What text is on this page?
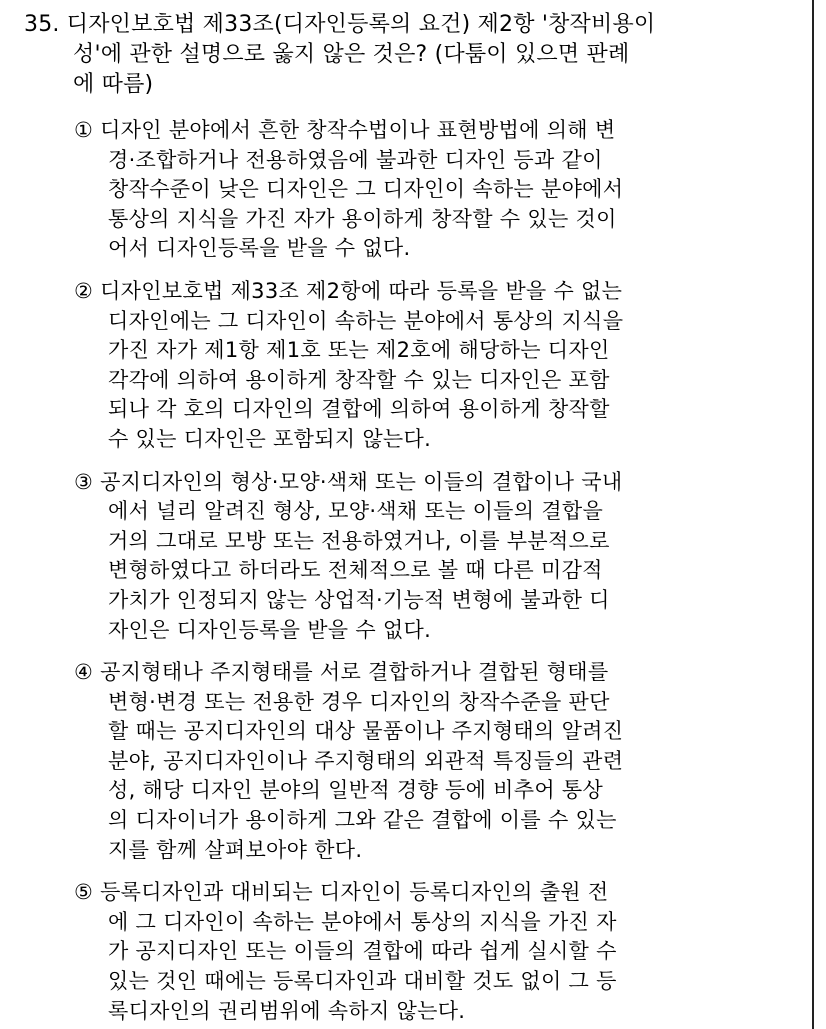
35. 디자인보호법 제33조(디자인등록의 요건) 제2항 '창작비용이
성'에 관한 설명으로 옳지 않은 것은? (다툼이 있으면 판례
에 따름)
① 디자인 분야에서 흔한 창작수법이나 표현방법에 의해 변
경·조합하거나 전용하였음에 불과한 디자인 등과 같이
창작수준이 낮은 디자인은 그 디자인이 속하는 분야에서
통상의 지식을 가진 자가 용이하게 창작할 수 있는 것이
어서 디자인등록을 받을 수 없다.
② 디자인보호법 제33조 제2항에 따라 등록을 받을 수 없는
디자인에는 그 디자인이 속하는 분야에서 통상의 지식을
가진 자가 제1항 제1호 또는 제2호에 해당하는 디자인
각각에 의하여 용이하게 창작할 수 있는 디자인은 포함
되나 각 호의 디자인의 결합에 의하여 용이하게 창작할
수 있는 디자인은 포함되지 않는다.
③ 공지디자인의 형상·모양·색채 또는 이들의 결합이나 국내
에서 널리 알려진 형상, 모양·색채 또는 이들의 결합을
거의 그대로 모방 또는 전용하였거나, 이를 부분적으로
변형하였다고 하더라도 전체적으로 볼 때 다른 미감적
가치가 인정되지 않는 상업적·기능적 변형에 불과한 디
자인은 디자인등록을 받을 수 없다.
④ 공지형태나 주지형태를 서로 결합하거나 결합된 형태를
변형·변경 또는 전용한 경우 디자인의 창작수준을 판단
할 때는 공지디자인의 대상 물품이나 주지형태의 알려진
분야, 공지디자인이나 주지형태의 외관적 특징들의 관련
성, 해당 디자인 분야의 일반적 경향 등에 비추어 통상
의 디자이너가 용이하게 그와 같은 결합에 이를 수 있는
지를 함께 살펴보아야 한다.
⑤ 등록디자인과 대비되는 디자인이 등록디자인의 출원 전
에 그 디자인이 속하는 분야에서 통상의 지식을 가진 자
가 공지디자인 또는 이들의 결합에 따라 쉽게 실시할 수
있는 것인 때에는 등록디자인과 대비할 것도 없이 그 등
록디자인의 권리범위에 속하지 않는다.
